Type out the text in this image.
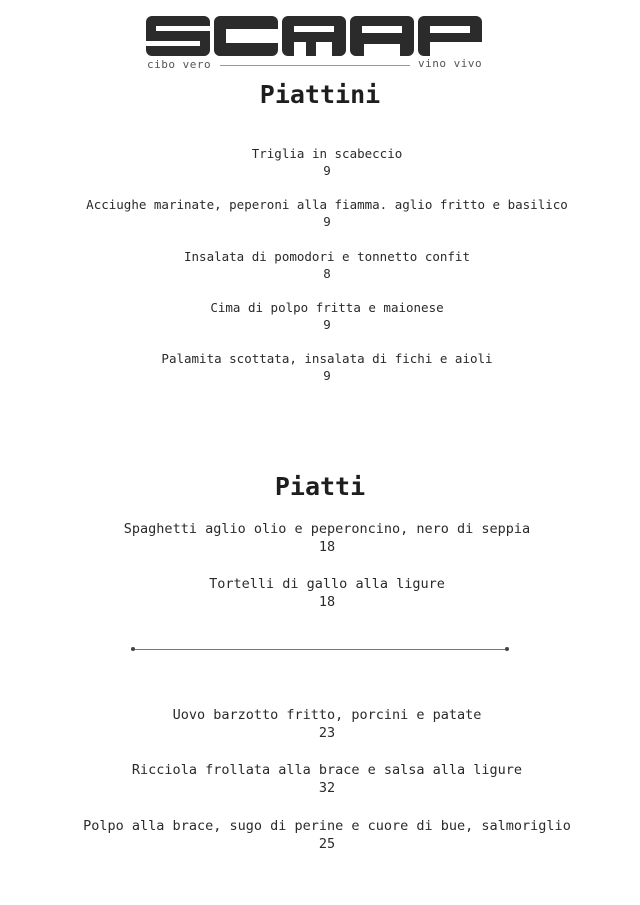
cibo vero	vino vivo
Piattini
Triglia in scabeccio
9
Acciughe marinate, peperoni alla fiamma. aglio fritto e basilico
9
Insalata di pomodori e tonnetto confit
8
Cima di polpo fritta e maionese
9
Palamita scottata, insalata di fichi e aioli
9
Piatti
Spaghetti aglio olio e peperoncino, nero di seppia
18
Tortelli di gallo alla ligure
18
Uovo barzotto fritto, porcini e patate
23
Ricciola frollata alla brace e salsa alla ligure
32
Polpo alla brace, sugo di perine e cuore di bue, salmoriglio
25
